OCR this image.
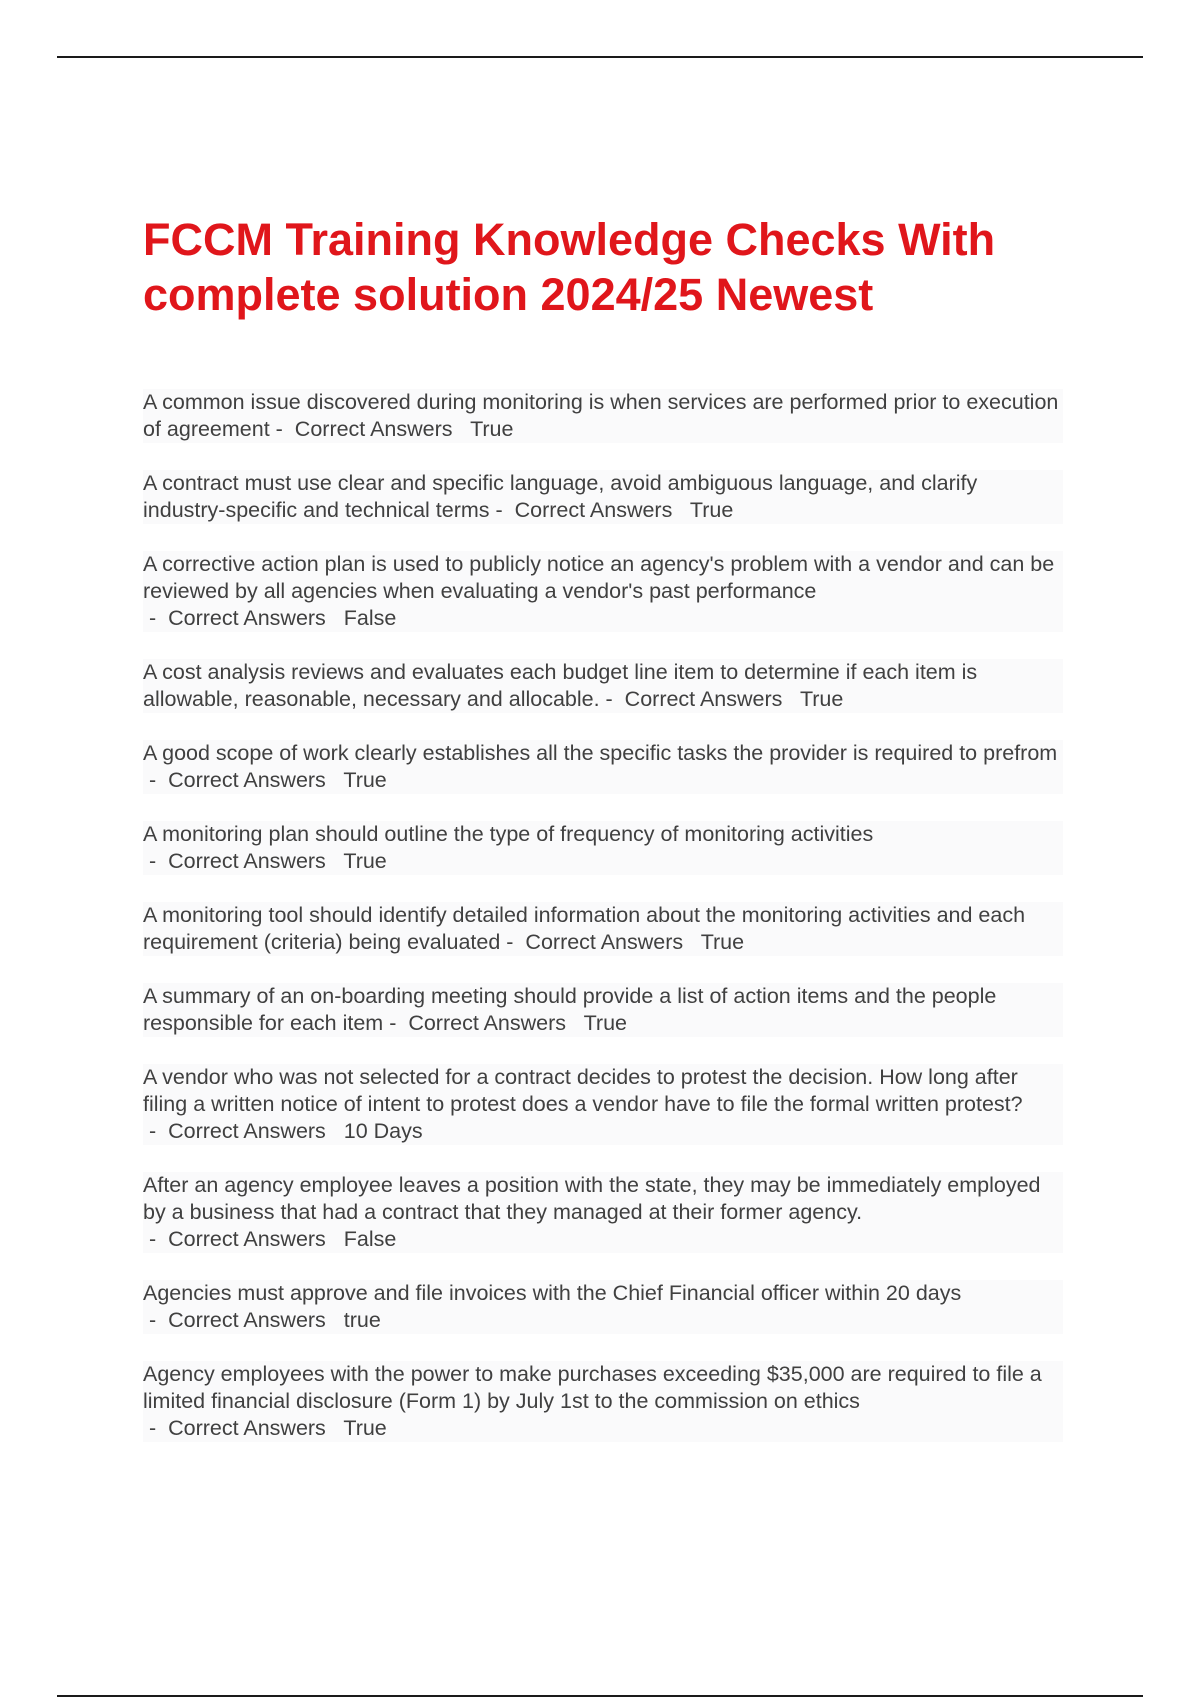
FCCM Training Knowledge Checks With
complete solution 2024/25 Newest

A common issue discovered during monitoring is when services are performed prior to execution of agreement -  Correct Answers True

A contract must use clear and specific language, avoid ambiguous language, and clarify industry-specific and technical terms -  Correct Answers True

A corrective action plan is used to publicly notice an agency's problem with a vendor and can be reviewed by all agencies when evaluating a vendor's past performance -  Correct Answers False

A cost analysis reviews and evaluates each budget line item to determine if each item is allowable, reasonable, necessary and allocable. -  Correct Answers True

A good scope of work clearly establishes all the specific tasks the provider is required to prefrom -  Correct Answers True

A monitoring plan should outline the type of frequency of monitoring activities -  Correct Answers True

A monitoring tool should identify detailed information about the monitoring activities and each requirement (criteria) being evaluated -  Correct Answers True

A summary of an on-boarding meeting should provide a list of action items and the people responsible for each item -  Correct Answers True

A vendor who was not selected for a contract decides to protest the decision. How long after filing a written notice of intent to protest does a vendor have to file the formal written protest? -  Correct Answers 10 Days

After an agency employee leaves a position with the state, they may be immediately employed by a business that had a contract that they managed at their former agency. -  Correct Answers False

Agencies must approve and file invoices with the Chief Financial officer within 20 days -  Correct Answers true

Agency employees with the power to make purchases exceeding $35,000 are required to file a limited financial disclosure (Form 1) by July 1st to the commission on ethics -  Correct Answers True
